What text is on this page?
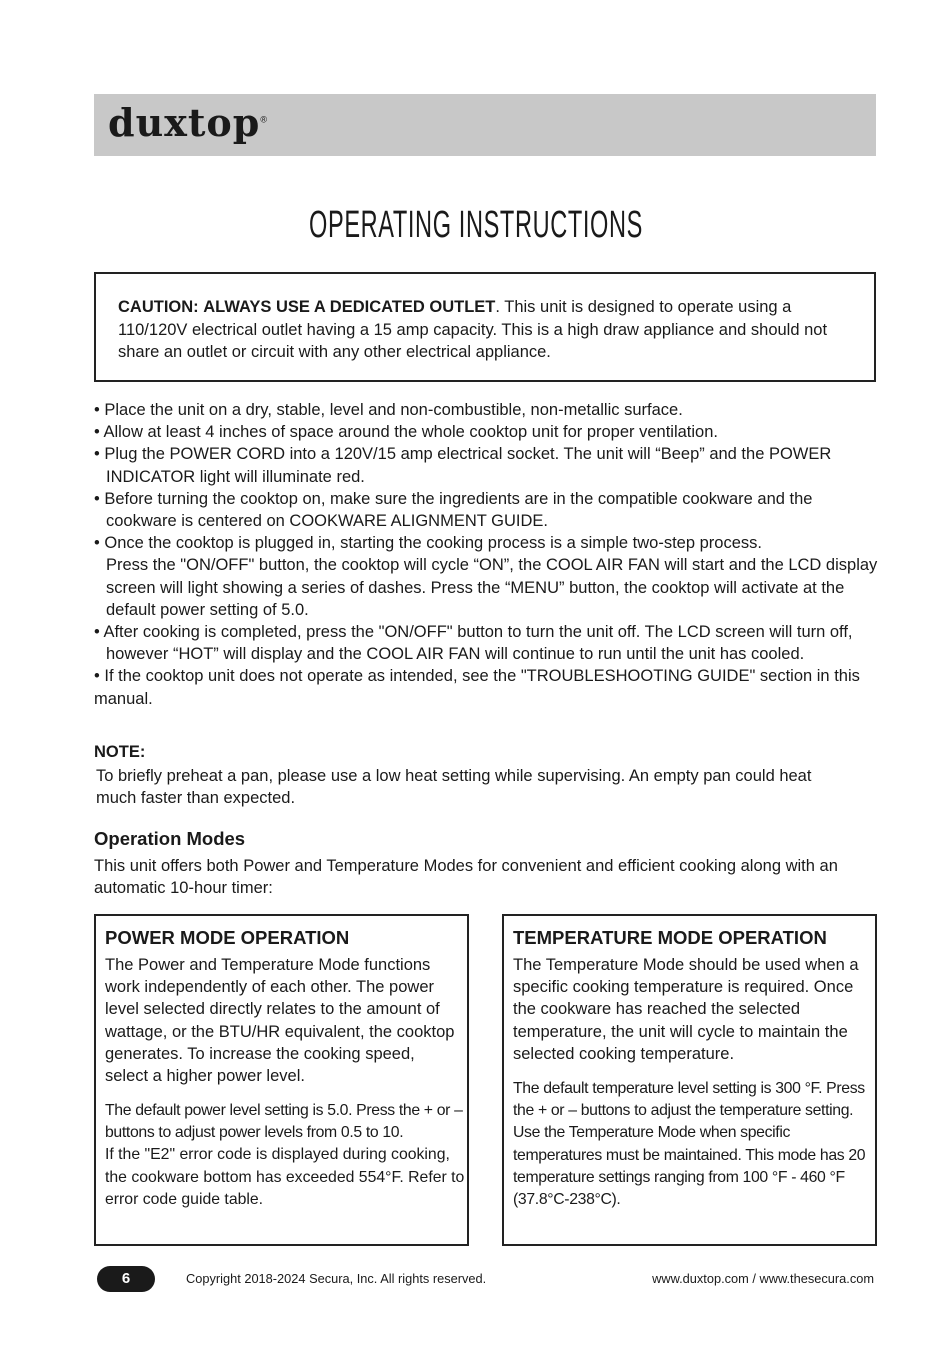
duxtop®
OPERATING INSTRUCTIONS
CAUTION: ALWAYS USE A DEDICATED OUTLET. This unit is designed to operate using a 110/120V electrical outlet having a 15 amp capacity. This is a high draw appliance and should not share an outlet or circuit with any other electrical appliance.
• Place the unit on a dry, stable, level and non-combustible, non-metallic surface.
• Allow at least 4 inches of space around the whole cooktop unit for proper ventilation.
• Plug the POWER CORD into a 120V/15 amp electrical socket. The unit will “Beep” and the POWER INDICATOR light will illuminate red.
• Before turning the cooktop on, make sure the ingredients are in the compatible cookware and the cookware is centered on COOKWARE ALIGNMENT GUIDE.
• Once the cooktop is plugged in, starting the cooking process is a simple two-step process.
Press the "ON/OFF" button, the cooktop will cycle “ON”, the COOL AIR FAN will start and the LCD display screen will light showing a series of dashes. Press the “MENU” button, the cooktop will activate at the default power setting of 5.0.
• After cooking is completed, press the "ON/OFF" button to turn the unit off. The LCD screen will turn off, however “HOT” will display and the COOL AIR FAN will continue to run until the unit has cooled.
• If the cooktop unit does not operate as intended, see the "TROUBLESHOOTING GUIDE" section in this manual.
NOTE:
To briefly preheat a pan, please use a low heat setting while supervising. An empty pan could heat much faster than expected.
Operation Modes
This unit offers both Power and Temperature Modes for convenient and efficient cooking along with an automatic 10-hour timer:
POWER MODE OPERATION
The Power and Temperature Mode functions work independently of each other. The power level selected directly relates to the amount of wattage, or the BTU/HR equivalent, the cooktop generates. To increase the cooking speed, select a higher power level.
The default power level setting is 5.0. Press the + or – buttons to adjust power levels from 0.5 to 10.
If the "E2" error code is displayed during cooking, the cookware bottom has exceeded 554°F. Refer to error code guide table.
TEMPERATURE MODE OPERATION
The Temperature Mode should be used when a specific cooking temperature is required. Once the cookware has reached the selected temperature, the unit will cycle to maintain the selected cooking temperature.
The default temperature level setting is 300 °F. Press the + or – buttons to adjust the temperature setting. Use the Temperature Mode when specific temperatures must be maintained. This mode has 20 temperature settings ranging from 100 °F - 460 °F (37.8°C-238°C).
6	Copyright 2018-2024 Secura, Inc. All rights reserved.	www.duxtop.com / www.thesecura.com
